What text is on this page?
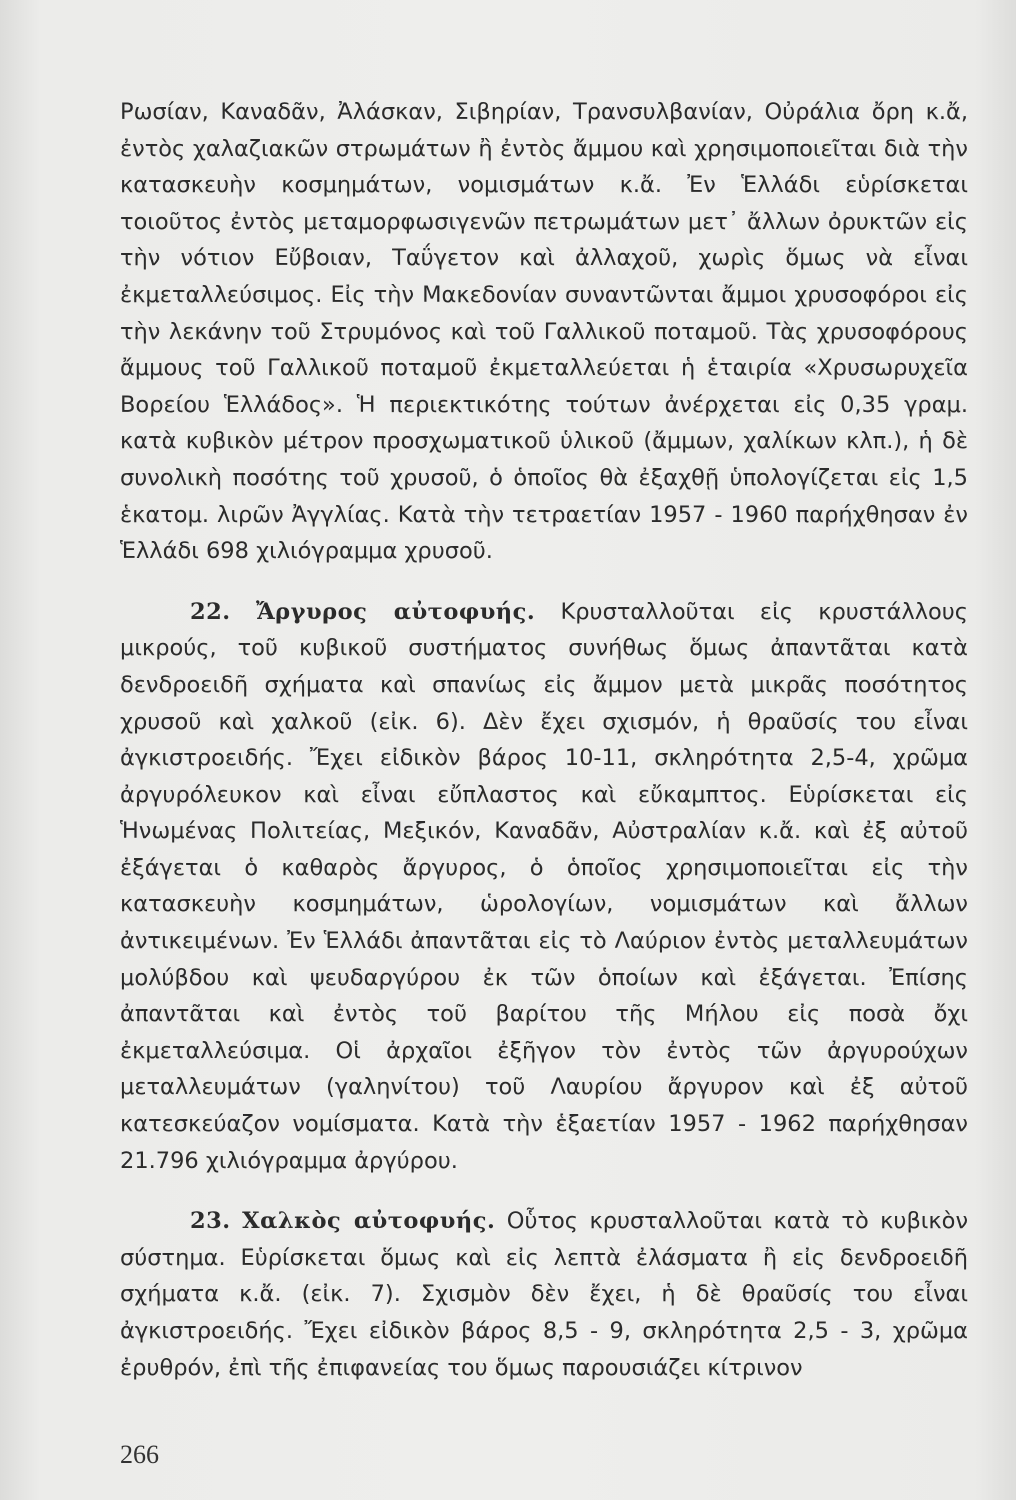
Ρωσίαν, Καναδᾶν, Ἀλάσκαν, Σιβηρίαν, Τρανσυλβανίαν, Οὐράλια ὄρη κ.ἄ, ἐντὸς χαλαζιακῶν στρωμάτων ἢ ἐντὸς ἄμμου καὶ χρησιμοποιεῖται διὰ τὴν κατασκευὴν κοσμημάτων, νομισμάτων κ.ἄ. Ἐν Ἑλλάδι εὑρίσκεται τοιοῦτος ἐντὸς μεταμορφωσιγενῶν πετρωμάτων μετ᾽ ἄλλων ὀρυκτῶν εἰς τὴν νότιον Εὔβοιαν, Ταΰγετον καὶ ἀλλαχοῦ, χωρὶς ὅμως νὰ εἶναι ἐκμεταλλεύσιμος. Εἰς τὴν Μακεδονίαν συναντῶνται ἄμμοι χρυσοφόροι εἰς τὴν λεκάνην τοῦ Στρυμόνος καὶ τοῦ Γαλλικοῦ ποταμοῦ. Τὰς χρυσοφόρους ἄμμους τοῦ Γαλλικοῦ ποταμοῦ ἐκμεταλλεύεται ἡ ἑταιρία «Χρυσωρυχεῖα Βορείου Ἑλλάδος». Ἡ περιεκτικότης τούτων ἀνέρχεται εἰς 0,35 γραμ. κατὰ κυβικὸν μέτρον προσχωματικοῦ ὑλικοῦ (ἄμμων, χαλίκων κλπ.), ἡ δὲ συνολικὴ ποσότης τοῦ χρυσοῦ, ὁ ὁποῖος θὰ ἐξαχθῇ ὑπολογίζεται εἰς 1,5 ἑκατομ. λιρῶν Ἀγγλίας. Κατὰ τὴν τετραετίαν 1957 - 1960 παρήχθησαν ἐν Ἑλλάδι 698 χιλιόγραμμα χρυσοῦ.

22. Ἄργυρος αὐτοφυής. Κρυσταλλοῦται εἰς κρυστάλλους μικρούς, τοῦ κυβικοῦ συστήματος συνήθως ὅμως ἀπαντᾶται κατὰ δενδροειδῆ σχήματα καὶ σπανίως εἰς ἄμμον μετὰ μικρᾶς ποσότητος χρυσοῦ καὶ χαλκοῦ (εἰκ. 6). Δὲν ἔχει σχισμόν, ἡ θραῦσίς του εἶναι ἀγκιστροειδής. Ἔχει εἰδικὸν βάρος 10-11, σκληρότητα 2,5-4, χρῶμα ἀργυρόλευκον καὶ εἶναι εὔπλαστος καὶ εὔκαμπτος. Εὑρίσκεται εἰς Ἡνωμένας Πολιτείας, Μεξικόν, Καναδᾶν, Αὐστραλίαν κ.ἄ. καὶ ἐξ αὐτοῦ ἐξάγεται ὁ καθαρὸς ἄργυρος, ὁ ὁποῖος χρησιμοποιεῖται εἰς τὴν κατασκευὴν κοσμημάτων, ὡρολογίων, νομισμάτων καὶ ἄλλων ἀντικειμένων. Ἐν Ἑλλάδι ἀπαντᾶται εἰς τὸ Λαύριον ἐντὸς μεταλλευμάτων μολύβδου καὶ ψευδαργύρου ἐκ τῶν ὁποίων καὶ ἐξάγεται. Ἐπίσης ἀπαντᾶται καὶ ἐντὸς τοῦ βαρίτου τῆς Μήλου εἰς ποσὰ ὄχι ἐκμεταλλεύσιμα. Οἱ ἀρχαῖοι ἐξῆγον τὸν ἐντὸς τῶν ἀργυρούχων μεταλλευμάτων (γαληνίτου) τοῦ Λαυρίου ἄργυρον καὶ ἐξ αὐτοῦ κατεσκεύαζον νομίσματα. Κατὰ τὴν ἑξαετίαν 1957 - 1962 παρήχθησαν 21.796 χιλιόγραμμα ἀργύρου.

23. Χαλκὸς αὐτοφυής. Οὗτος κρυσταλλοῦται κατὰ τὸ κυβικὸν σύστημα. Εὑρίσκεται ὅμως καὶ εἰς λεπτὰ ἐλάσματα ἢ εἰς δενδροειδῆ σχήματα κ.ἄ. (εἰκ. 7). Σχισμὸν δὲν ἔχει, ἡ δὲ θραῦσίς του εἶναι ἀγκιστροειδής. Ἔχει εἰδικὸν βάρος 8,5 - 9, σκληρότητα 2,5 - 3, χρῶμα ἐρυθρόν, ἐπὶ τῆς ἐπιφανείας του ὅμως παρουσιάζει κίτρινον

266
